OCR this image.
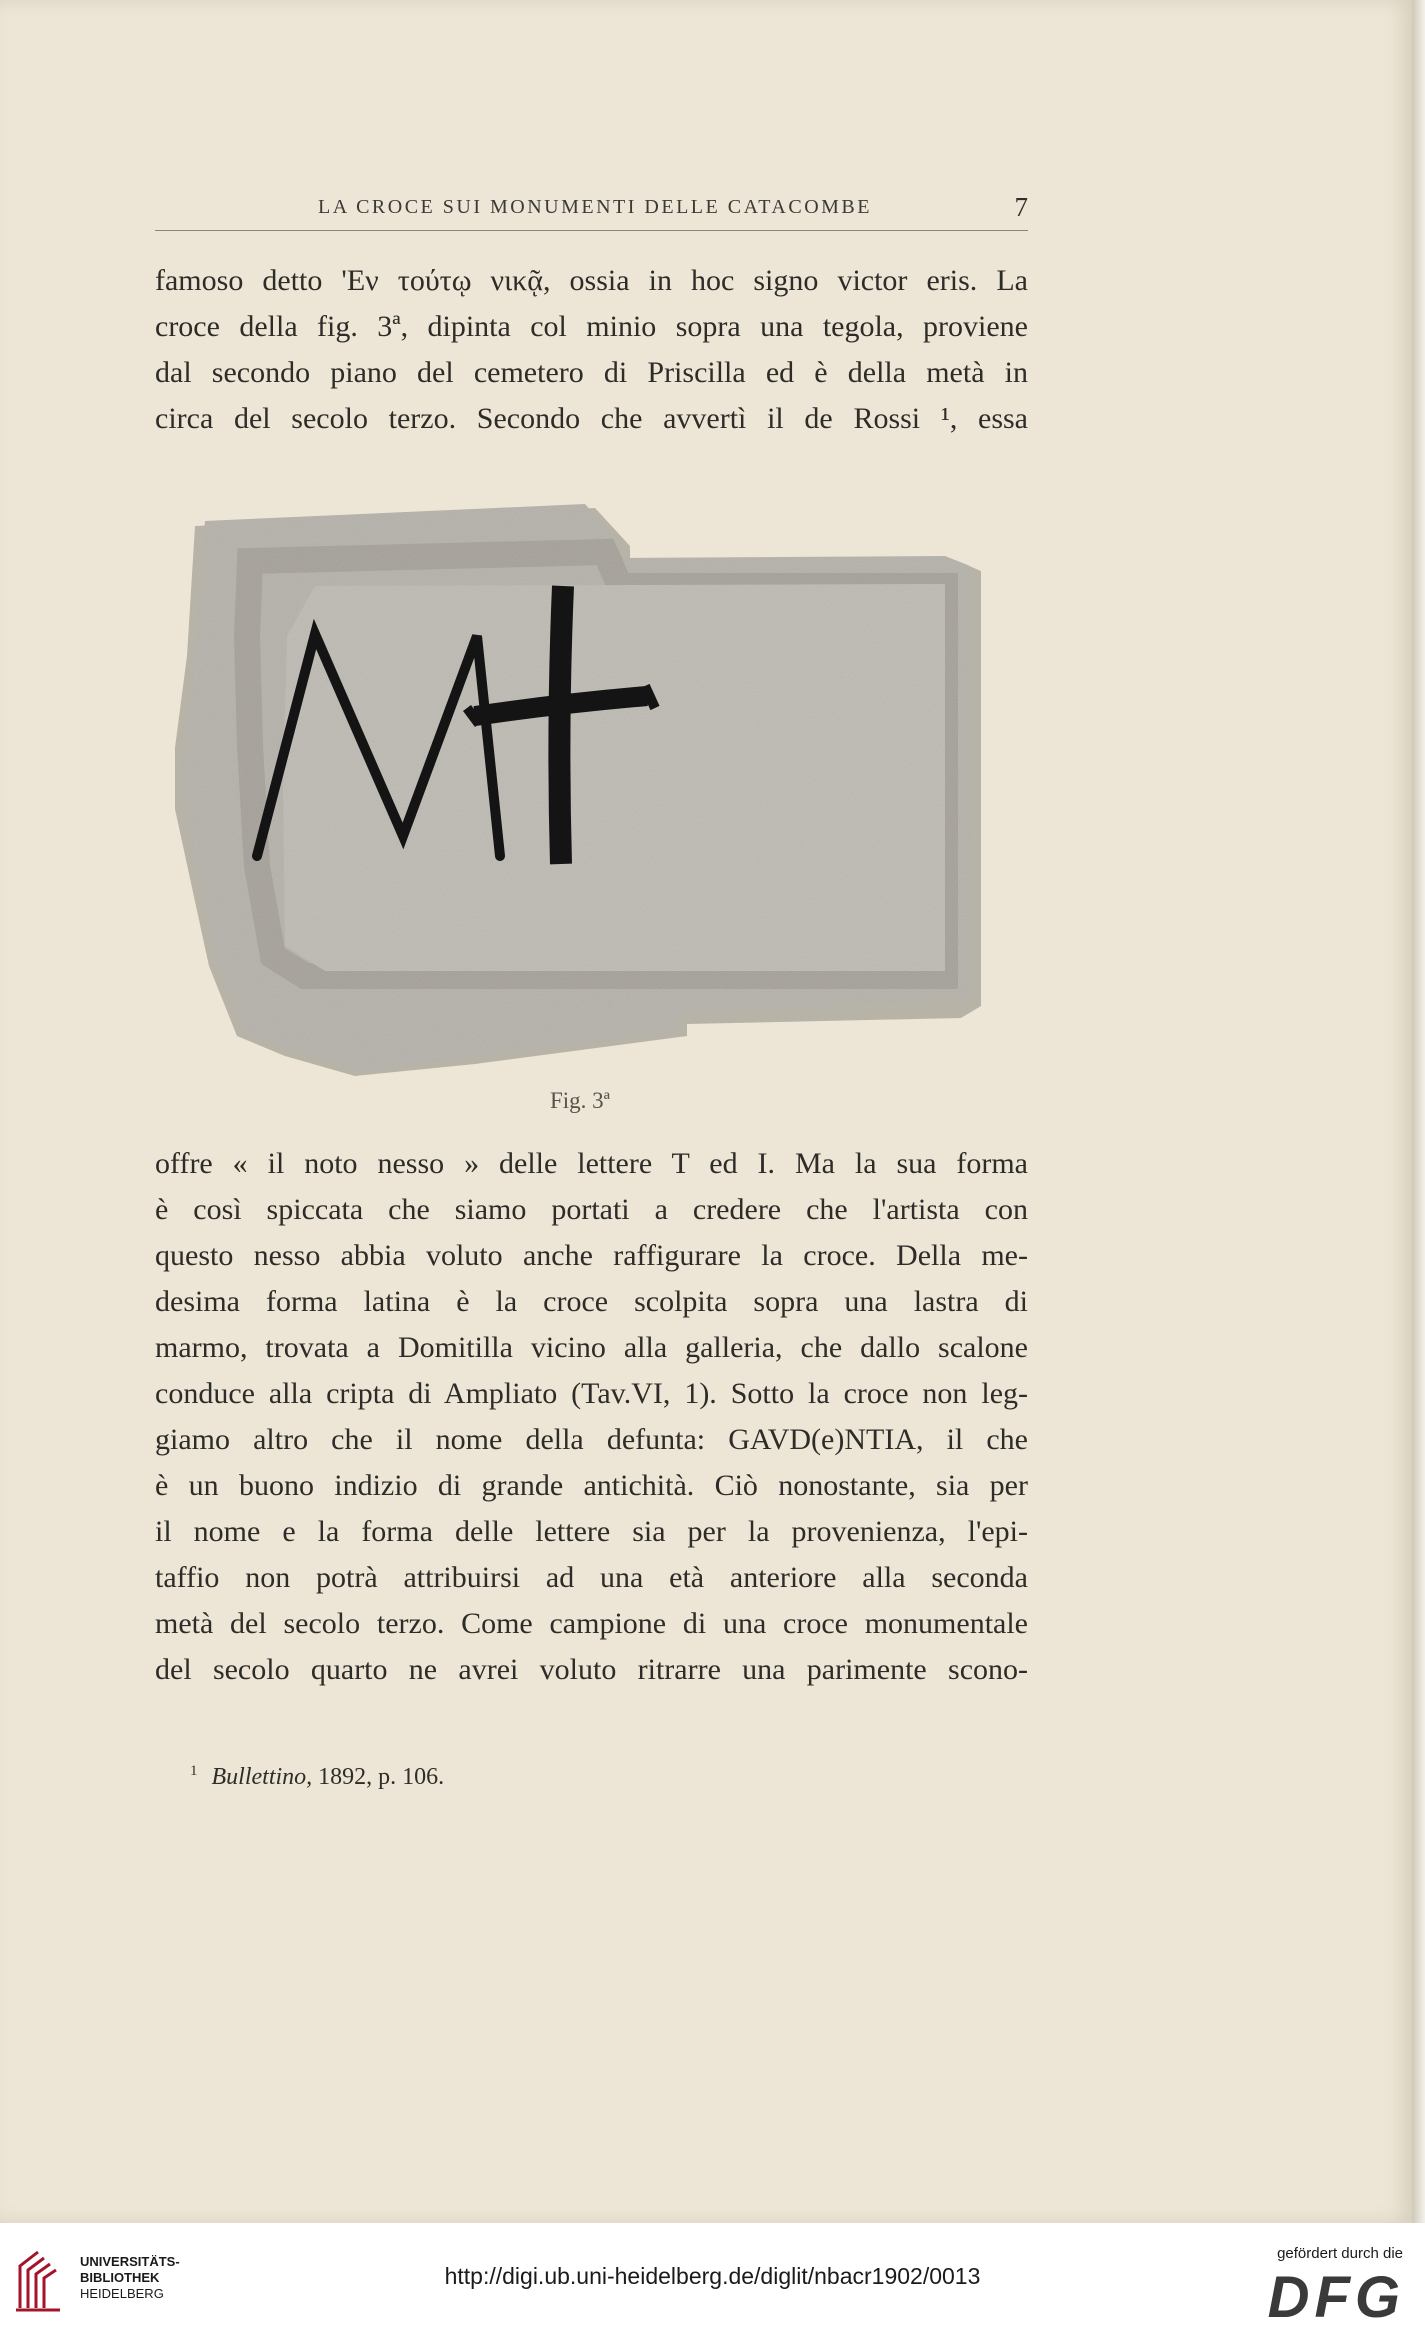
LA CROCE SUI MONUMENTI DELLE CATACOMBE	7
famoso detto 'Εν τούτῳ νικᾷ, ossia in hoc signo victor eris. La
croce della fig. 3ª, dipinta col minio sopra una tegola, proviene
dal secondo piano del cemetero di Priscilla ed è della metà in
circa del secolo terzo. Secondo che avvertì il de Rossi ¹, essa
Fig. 3ª
offre « il noto nesso » delle lettere T ed I. Ma la sua forma
è così spiccata che siamo portati a credere che l'artista con
questo nesso abbia voluto anche raffigurare la croce. Della me-
desima forma latina è la croce scolpita sopra una lastra di
marmo, trovata a Domitilla vicino alla galleria, che dallo scalone
conduce alla cripta di Ampliato (Tav.VI, 1). Sotto la croce non leg-
giamo altro che il nome della defunta: GAVD(e)NTIA, il che
è un buono indizio di grande antichità. Ciò nonostante, sia per
il nome e la forma delle lettere sia per la provenienza, l'epi-
taffio non potrà attribuirsi ad una età anteriore alla seconda
metà del secolo terzo. Come campione di una croce monumentale
del secolo quarto ne avrei voluto ritrarre una parimente scono-
$^1$ Bullettino, 1892, p. 106.
UNIVERSITÄTS-
BIBLIOTHEK
HEIDELBERG
http://digi.ub.uni-heidelberg.de/diglit/nbacr1902/0013
gefördert durch die
DFG
